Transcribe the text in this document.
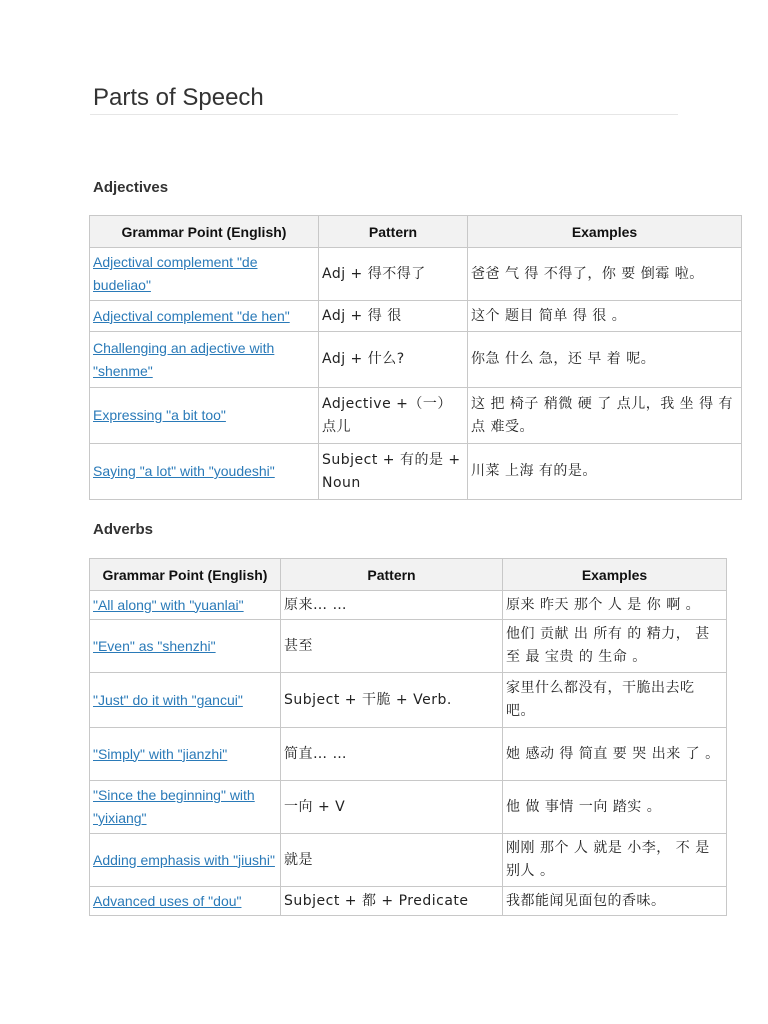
Parts of Speech
Adjectives
Grammar Point (English)	Pattern	Examples
Adjectival complement "de budeliao"	Adj + 得不得了	爸爸 气 得 不得了，你 要 倒霉 啦。
Adjectival complement "de hen"	Adj + 得 很	这个 题目 简单 得 很 。
Challenging an adjective with "shenme"	Adj + 什么?	你急 什么 急，还 早 着 呢。
Expressing "a bit too"	Adjective +（一）点儿	这 把 椅子 稍微 硬 了 点儿，我 坐 得 有点 难受。
Saying "a lot" with "youdeshi"	Subject + 有的是 + Noun	川菜 上海 有的是。
Adverbs
Grammar Point (English)	Pattern	Examples
"All along" with "yuanlai"	原来… …	原来 昨天 那个 人 是 你 啊 。
"Even" as "shenzhi"	甚至	他们 贡献 出 所有 的 精力， 甚至 最 宝贵 的 生命 。
"Just" do it with "gancui"	Subject + 干脆 + Verb.	家里什么都没有，干脆出去吃吧。
"Simply" with "jianzhi"	简直… …	她 感动 得 简直 要 哭 出来 了 。
"Since the beginning" with "yixiang"	一向 + V	他 做 事情 一向 踏实 。
Adding emphasis with "jiushi"	就是	刚刚 那个 人 就是 小李， 不 是 别人 。
Advanced uses of "dou"	Subject + 都 + Predicate	我都能闻见面包的香味。
